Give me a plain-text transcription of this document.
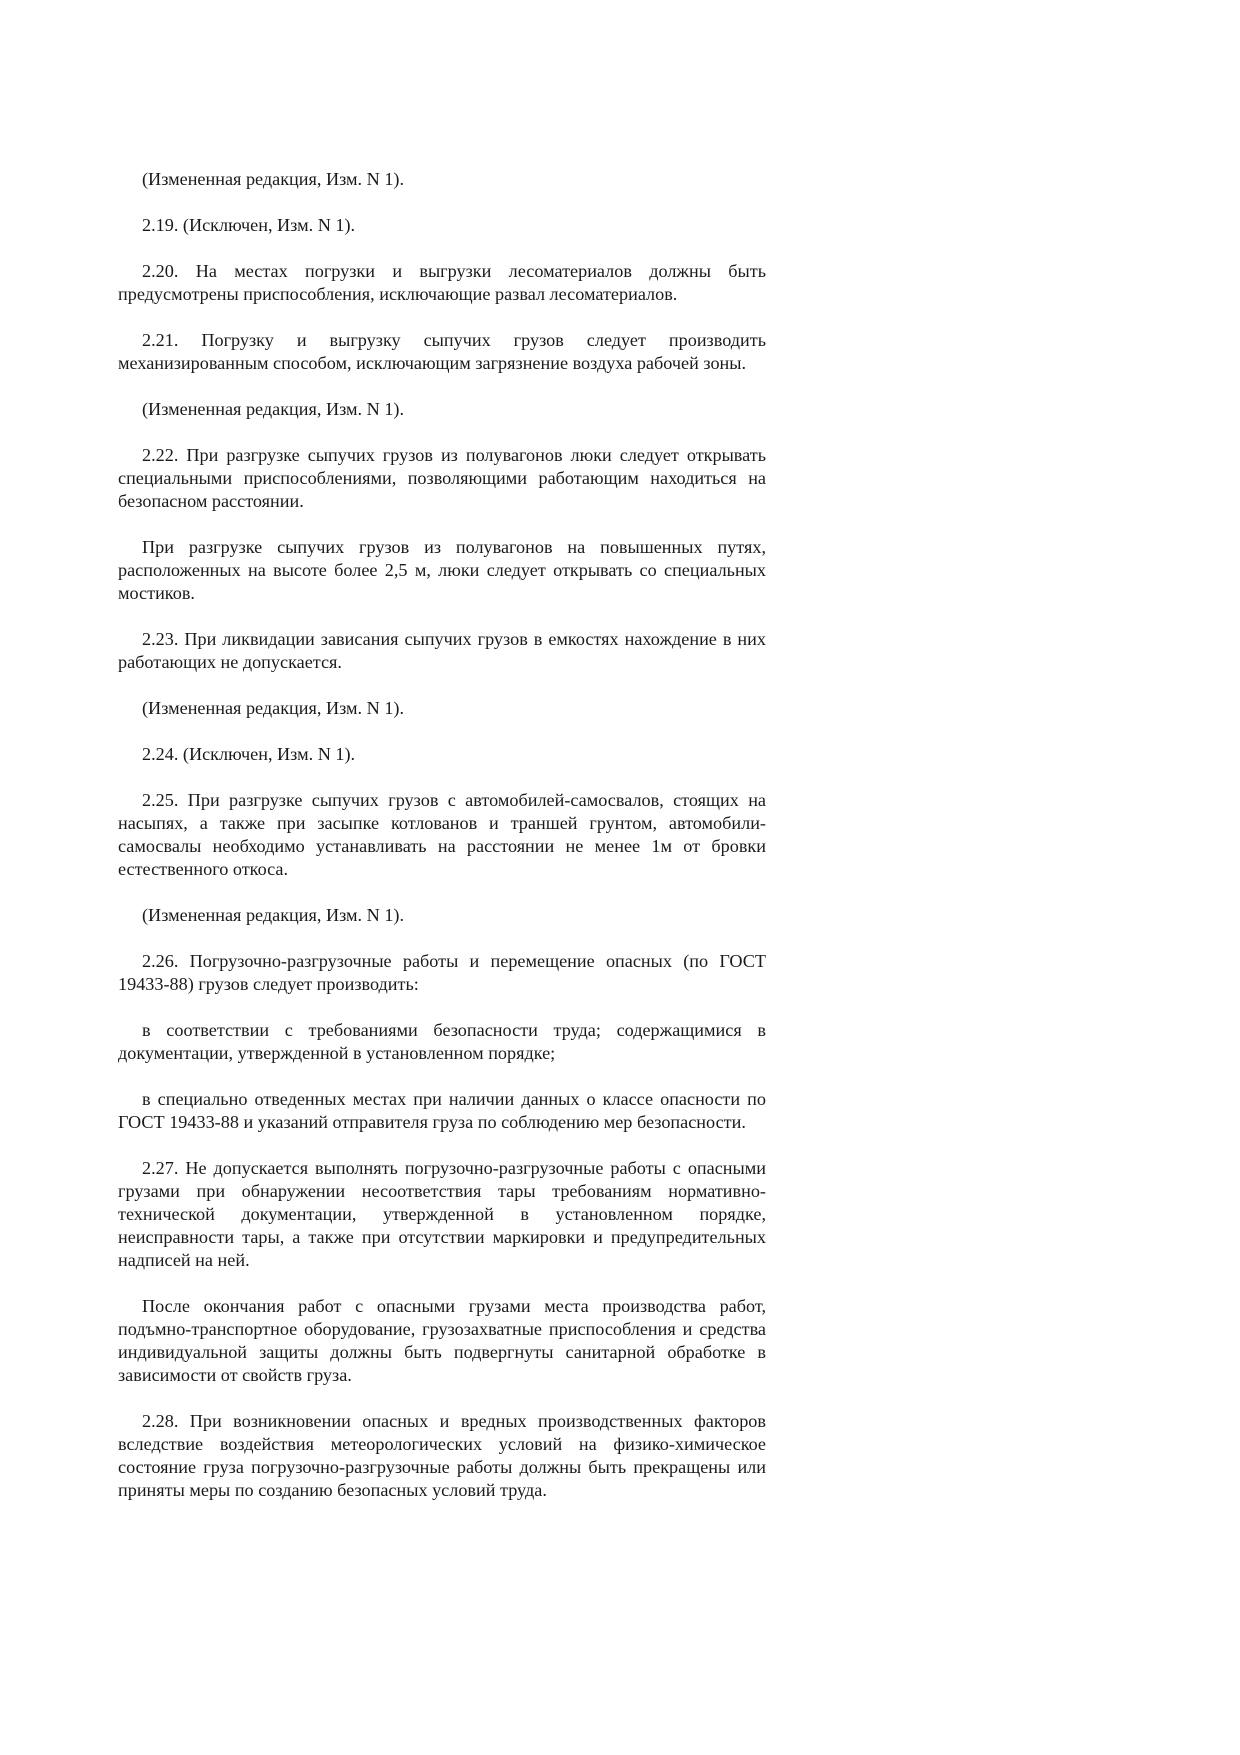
(Измененная редакция, Изм. N 1).

2.19. (Исключен, Изм. N 1).

2.20. На местах погрузки и выгрузки лесоматериалов должны быть предусмотрены приспособления, исключающие развал лесоматериалов.

2.21. Погрузку и выгрузку сыпучих грузов следует производить механизированным способом, исключающим загрязнение воздуха рабочей зоны.

(Измененная редакция, Изм. N 1).

2.22. При разгрузке сыпучих грузов из полувагонов люки следует открывать специальными приспособлениями, позволяющими работающим находиться на безопасном расстоянии.

При разгрузке сыпучих грузов из полувагонов на повышенных путях, расположенных на высоте более 2,5 м, люки следует открывать со специальных мостиков.

2.23. При ликвидации зависания сыпучих грузов в емкостях нахождение в них работающих не допускается.

(Измененная редакция, Изм. N 1).

2.24. (Исключен, Изм. N 1).

2.25. При разгрузке сыпучих грузов с автомобилей-самосвалов, стоящих на насыпях, а также при засыпке котлованов и траншей грунтом, автомобили-самосвалы необходимо устанавливать на расстоянии не менее 1м от бровки естественного откоса.

(Измененная редакция, Изм. N 1).

2.26. Погрузочно-разгрузочные работы и перемещение опасных (по ГОСТ 19433-88) грузов следует производить:

в соответствии с требованиями безопасности труда; содержащимися в документации, утвержденной в установленном порядке;

в специально отведенных местах при наличии данных о классе опасности по ГОСТ 19433-88 и указаний отправителя груза по соблюдению мер безопасности.

2.27. Не допускается выполнять погрузочно-разгрузочные работы с опасными грузами при обнаружении несоответствия тары требованиям нормативно-технической документации, утвержденной в установленном порядке, неисправности тары, а также при отсутствии маркировки и предупредительных надписей на ней.

После окончания работ с опасными грузами места производства работ, подъмно-транспортное оборудование, грузозахватные приспособления и средства индивидуальной защиты должны быть подвергнуты санитарной обработке в зависимости от свойств груза.

2.28. При возникновении опасных и вредных производственных факторов вследствие воздействия метеорологических условий на физико-химическое состояние груза погрузочно-разгрузочные работы должны быть прекращены или приняты меры по созданию безопасных условий труда.
